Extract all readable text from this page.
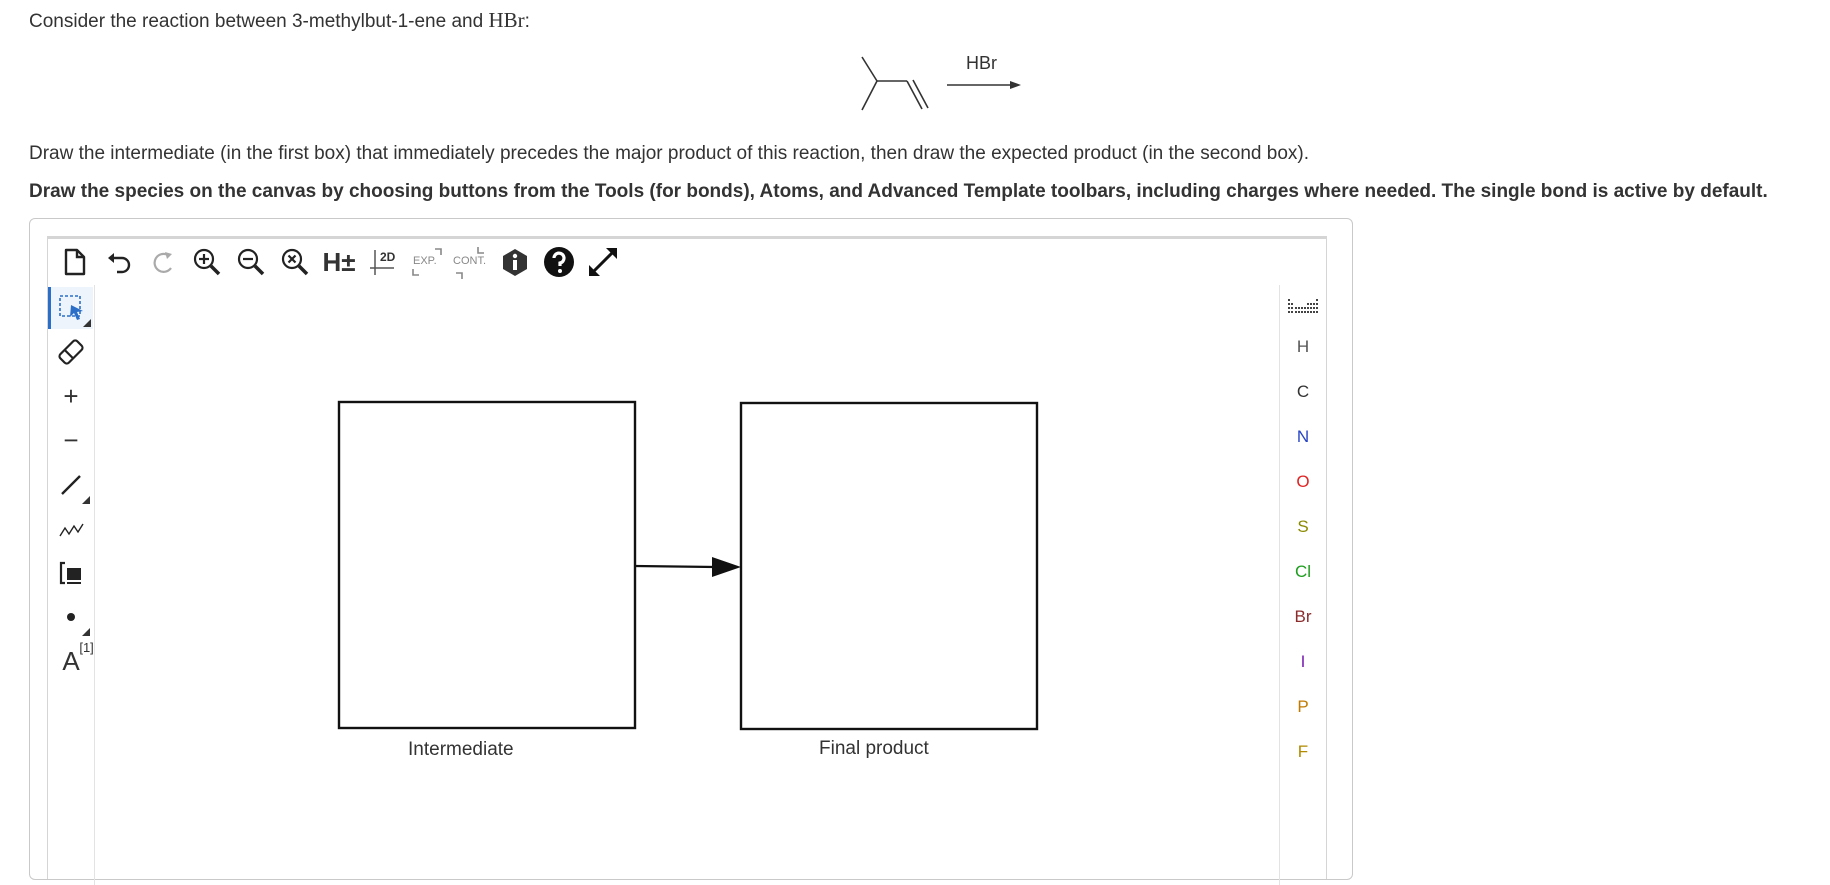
Consider the reaction between 3-methylbut-1-ene and HBr:
HBr
Draw the intermediate (in the first box) that immediately precedes the major product of this reaction, then draw the expected product (in the second box).
Draw the species on the canvas by choosing buttons from the Tools (for bonds), Atoms, and Advanced Template toolbars, including charges where needed. The single bond is active by default.
H± 2D EXP. CONT.
+
−
A [1]
Intermediate	Final product
H
C
N
O
S
Cl
Br
I
P
F
